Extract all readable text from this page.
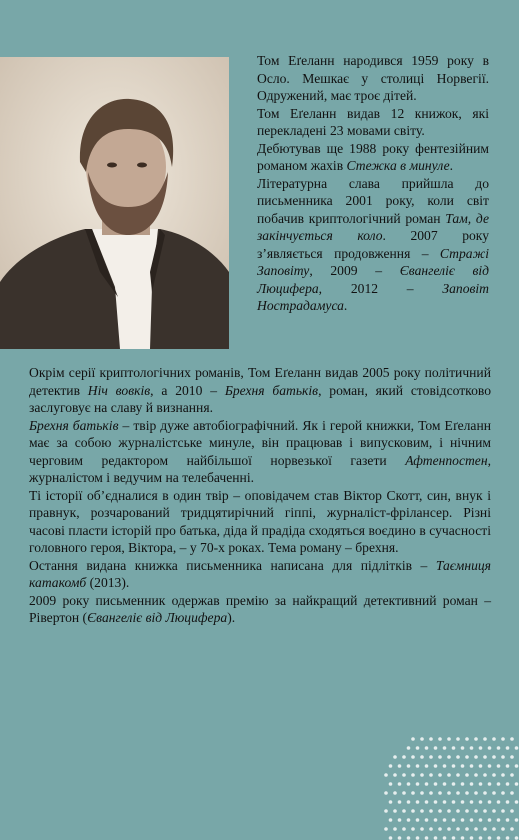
Том Еґеланн народився 1959 року в Осло. Мешкає у столиці Норвегії. Одружений, має троє дітей.

Том Еґеланн видав 12 книжок, які перекладені 23 мовами світу.

Дебютував ще 1988 року фентезійним романом жахів Стежка в минуле.

Літературна слава прийшла до письменника 2001 року, коли світ побачив криптологічний роман Там, де закінчується коло. 2007 року з’являється продовження – Стражі Заповіту, 2009 – Євангеліє від Люцифера, 2012 – Заповіт Нострадамуса.

Окрім серії криптологічних романів, Том Еґеланн видав 2005 року політичний детектив Ніч вовків, а 2010 – Брехня батьків, роман, який стовідсотково заслуговує на славу й визнання.

Брехня батьків – твір дуже автобіографічний. Як і герой книжки, Том Еґеланн має за собою журналістське минуле, він працював і випусковим, і нічним черговим редактором найбільшої норвезької газети Афтенпостен, журналістом і ведучим на телебаченні.

Ті історії об’єдналися в один твір – оповідачем став Віктор Скотт, син, внук і правнук, розчарований тридцятирічний гіппі, журналіст-фрілансер. Різні часові пласти історій про батька, діда й прадіда сходяться воєдино в сучасності головного героя, Віктора, – у 70-х роках. Тема роману – брехня.

Остання видана книжка письменника написана для підлітків – Таємниця катакомб (2013).

2009 року письменник одержав премію за найкращий детективний роман – Рівертон (Євангеліє від Люцифера).
